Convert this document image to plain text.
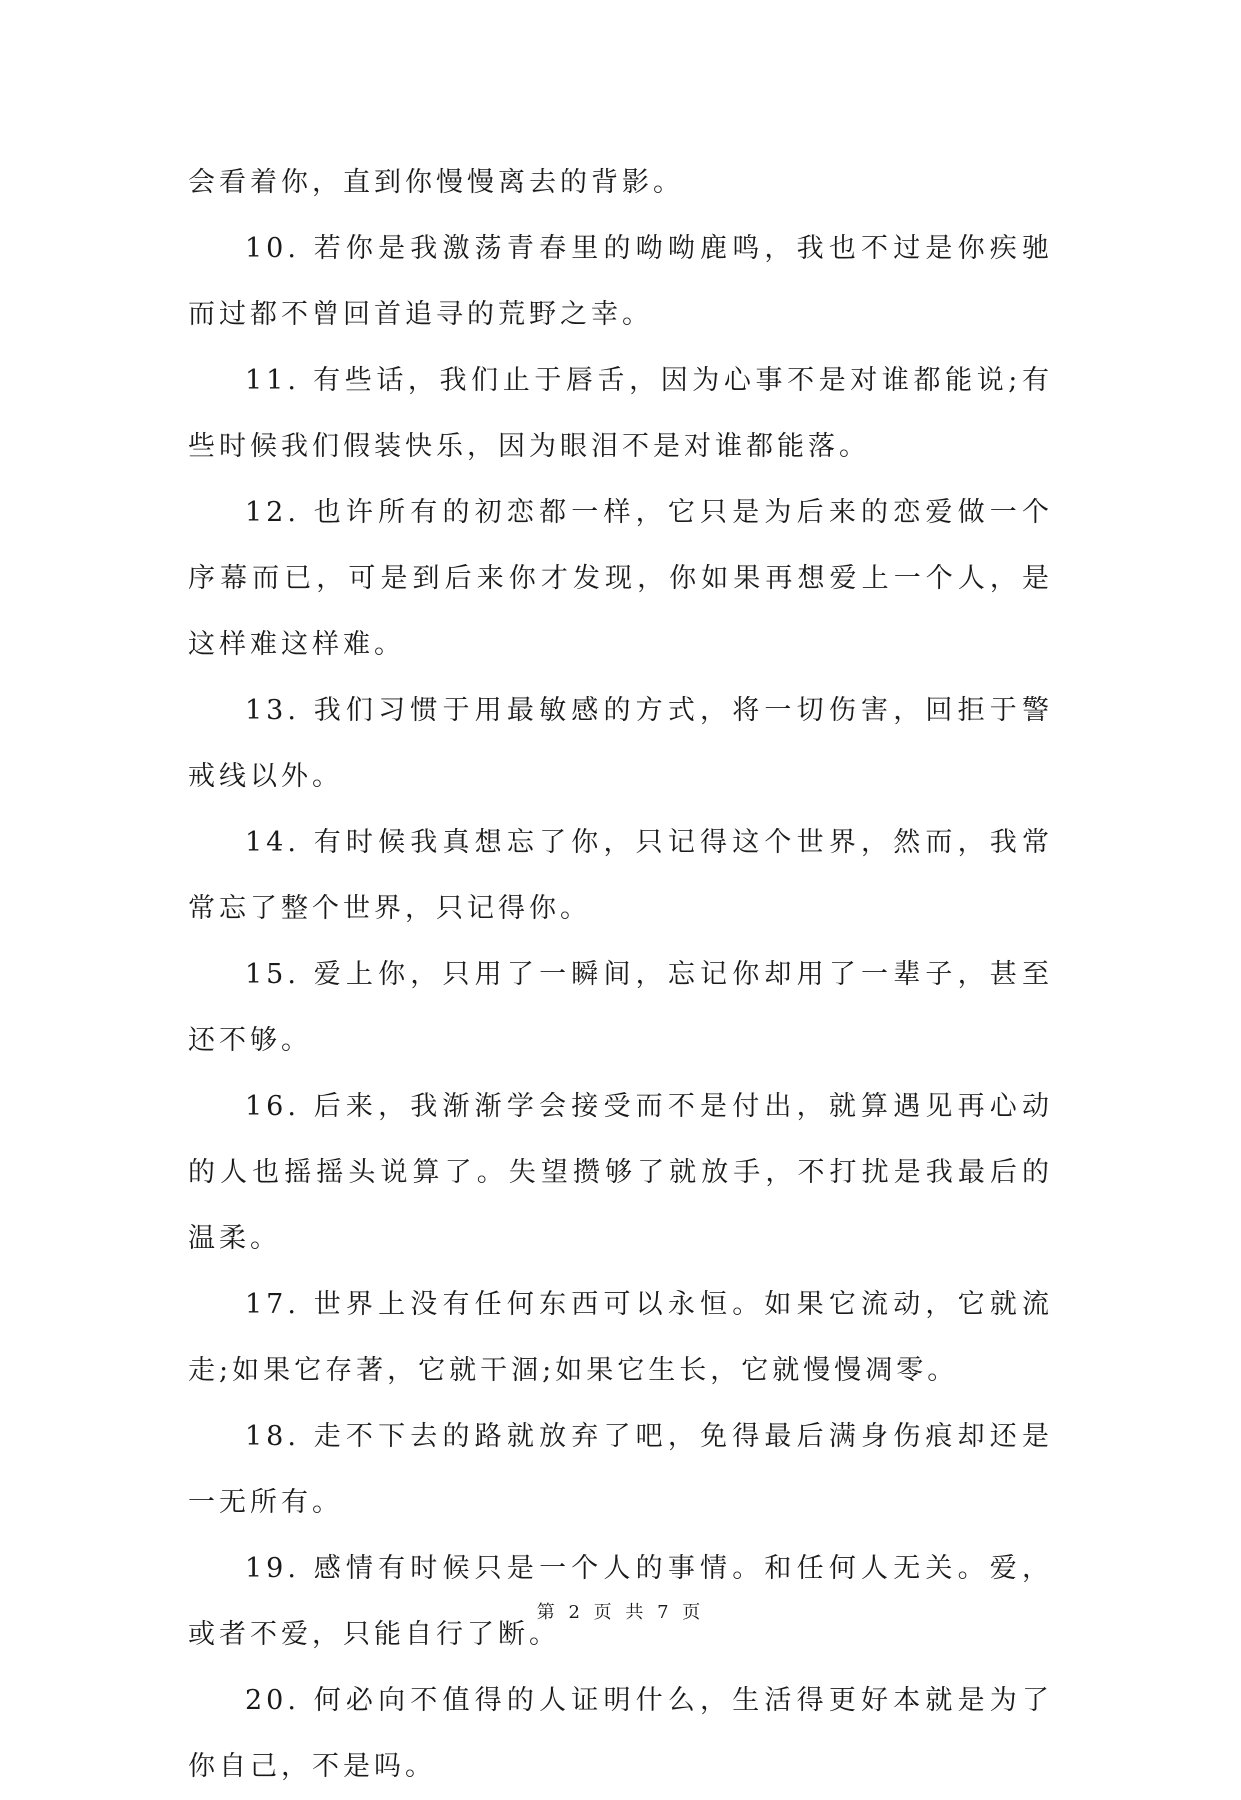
会看着你，直到你慢慢离去的背影。

10. 若你是我激荡青春里的呦呦鹿鸣，我也不过是你疾驰而过都不曾回首追寻的荒野之幸。

11. 有些话，我们止于唇舌，因为心事不是对谁都能说;有些时候我们假装快乐，因为眼泪不是对谁都能落。

12. 也许所有的初恋都一样，它只是为后来的恋爱做一个序幕而已，可是到后来你才发现，你如果再想爱上一个人，是这样难这样难。

13. 我们习惯于用最敏感的方式，将一切伤害，回拒于警戒线以外。

14. 有时候我真想忘了你，只记得这个世界，然而，我常常忘了整个世界，只记得你。

15. 爱上你，只用了一瞬间，忘记你却用了一辈子，甚至还不够。

16. 后来，我渐渐学会接受而不是付出，就算遇见再心动的人也摇摇头说算了。失望攒够了就放手，不打扰是我最后的温柔。

17. 世界上没有任何东西可以永恒。如果它流动，它就流走;如果它存著，它就干涸;如果它生长，它就慢慢凋零。

18. 走不下去的路就放弃了吧，免得最后满身伤痕却还是一无所有。

19. 感情有时候只是一个人的事情。和任何人无关。爱，或者不爱，只能自行了断。

20. 何必向不值得的人证明什么，生活得更好本就是为了你自己，不是吗。

第 2 页 共 7 页
